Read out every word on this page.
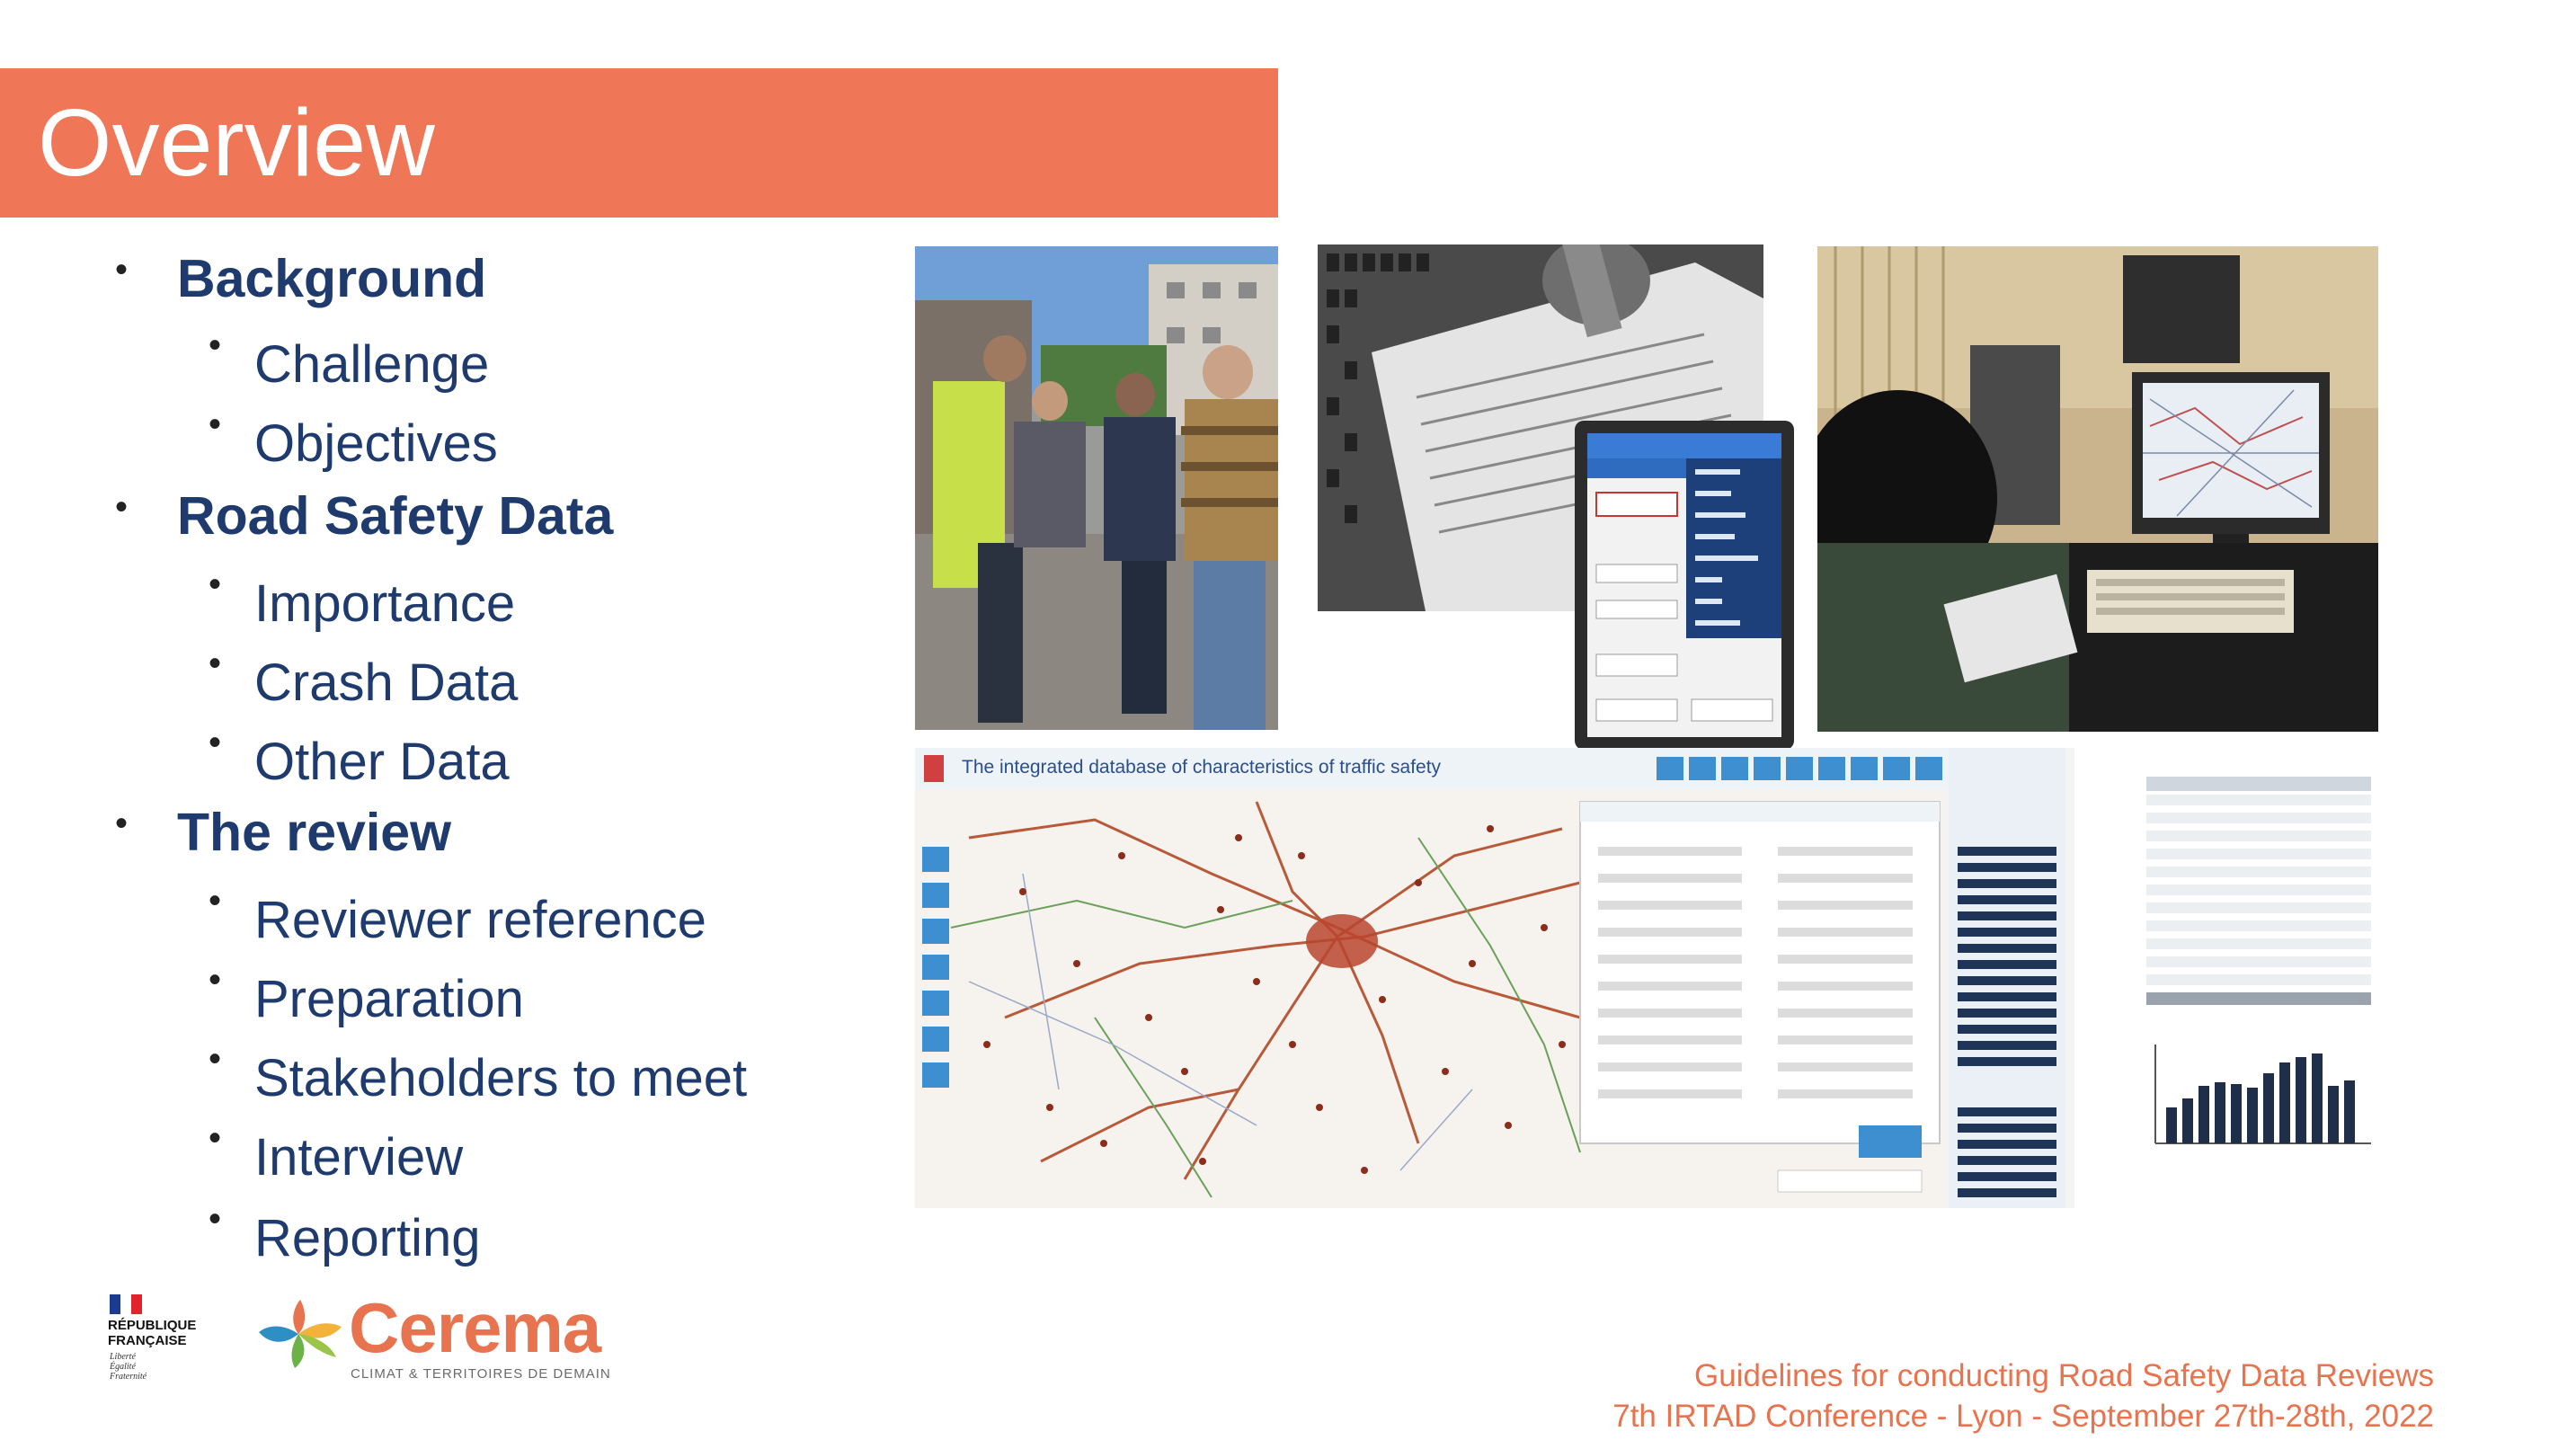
Overview
• Background
• Challenge
• Objectives
• Road Safety Data
• Importance
• Crash Data
• Other Data
• The review
• Reviewer reference
• Preparation
• Stakeholders to meet
• Interview
• Reporting
The integrated database of characteristics of traffic safety
RÉPUBLIQUE
FRANÇAISE
Liberté
Égalité
Fraternité
Cerema
CLIMAT & TERRITOIRES DE DEMAIN	Guidelines for conducting Road Safety Data Reviews
7th IRTAD Conference - Lyon - September 27th-28th, 2022
